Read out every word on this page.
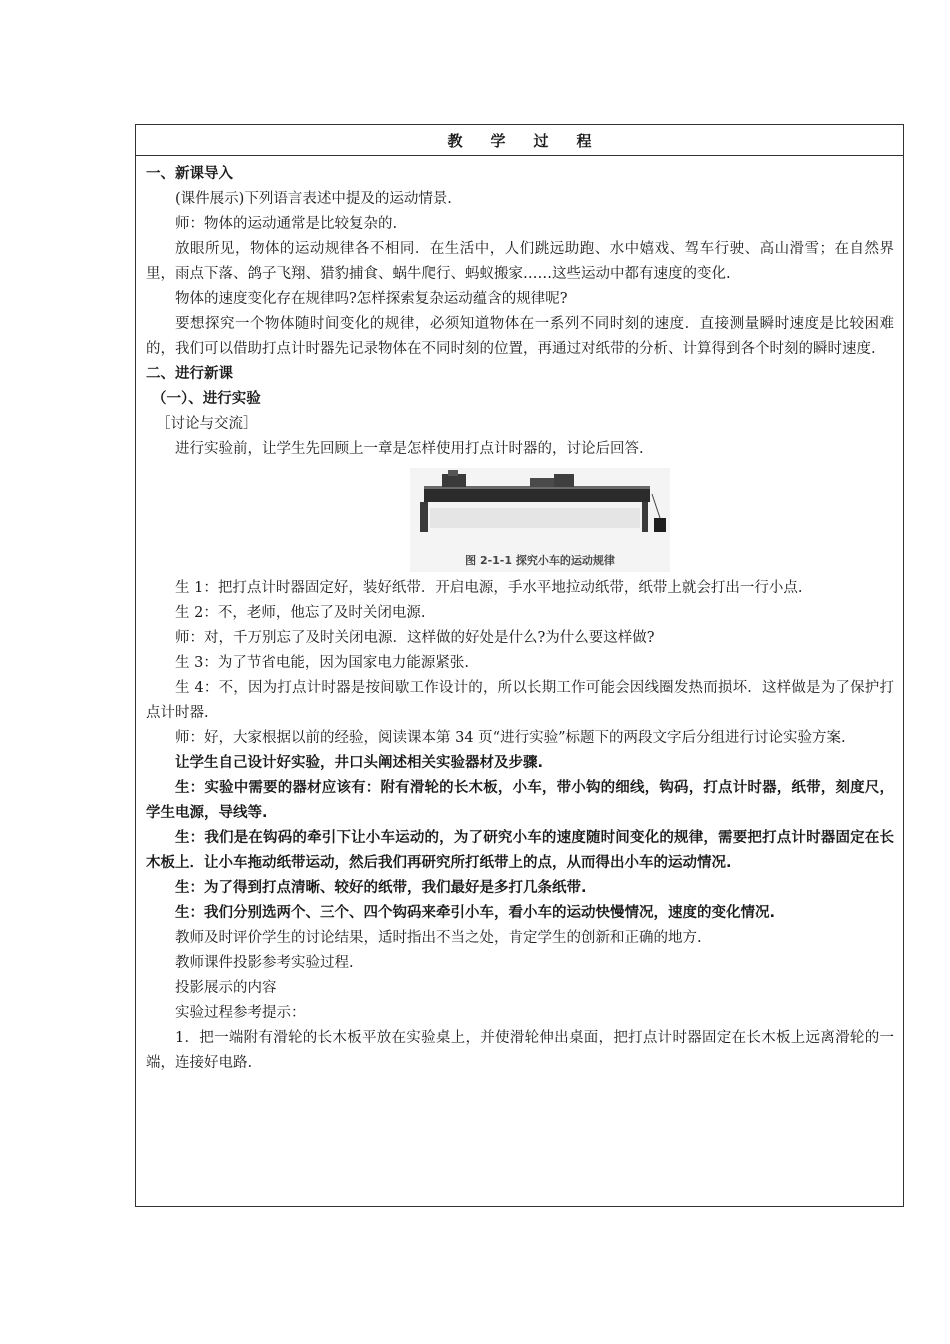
教学过程

一、新课导入

(课件展示)下列语言表述中提及的运动情景.

师：物体的运动通常是比较复杂的.

放眼所见，物体的运动规律各不相同．在生活中，人们跳远助跑、水中嬉戏、驾车行驶、高山滑雪；在自然界里，雨点下落、鸽子飞翔、猎豹捕食、蜗牛爬行、蚂蚁搬家……这些运动中都有速度的变化.

物体的速度变化存在规律吗?怎样探索复杂运动蕴含的规律呢?

要想探究一个物体随时间变化的规律，必须知道物体在一系列不同时刻的速度．直接测量瞬时速度是比较困难的，我们可以借助打点计时器先记录物体在不同时刻的位置，再通过对纸带的分析、计算得到各个时刻的瞬时速度.

二、进行新课

（一）、进行实验

［讨论与交流］

进行实验前，让学生先回顾上一章是怎样使用打点计时器的，讨论后回答.

图 2-1-1 探究小车的运动规律

生 1：把打点计时器固定好，装好纸带．开启电源，手水平地拉动纸带，纸带上就会打出一行小点.

生 2：不，老师，他忘了及时关闭电源.

师：对，千万别忘了及时关闭电源．这样做的好处是什么?为什么要这样做?

生 3：为了节省电能，因为国家电力能源紧张.

生 4：不，因为打点计时器是按间歇工作设计的，所以长期工作可能会因线圈发热而损坏．这样做是为了保护打点计时器.

师：好，大家根据以前的经验，阅读课本第 34 页“进行实验”标题下的两段文字后分组进行讨论实验方案.

让学生自己设计好实验，井口头阐述相关实验器材及步骤.

生：实验中需要的器材应该有：附有滑轮的长木板，小车，带小钩的细线，钩码，打点计时器，纸带，刻度尺，学生电源，导线等.

生：我们是在钩码的牵引下让小车运动的，为了研究小车的速度随时间变化的规律，需要把打点计时器固定在长木板上．让小车拖动纸带运动，然后我们再研究所打纸带上的点，从而得出小车的运动情况.

生：为了得到打点清晰、较好的纸带，我们最好是多打几条纸带.

生：我们分别选两个、三个、四个钩码来牵引小车，看小车的运动快慢情况，速度的变化情况.

教师及时评价学生的讨论结果，适时指出不当之处，肯定学生的创新和正确的地方.

教师课件投影参考实验过程.

投影展示的内容

实验过程参考提示：

1．把一端附有滑轮的长木板平放在实验桌上，并使滑轮伸出桌面，把打点计时器固定在长木板上远离滑轮的一端，连接好电路.
